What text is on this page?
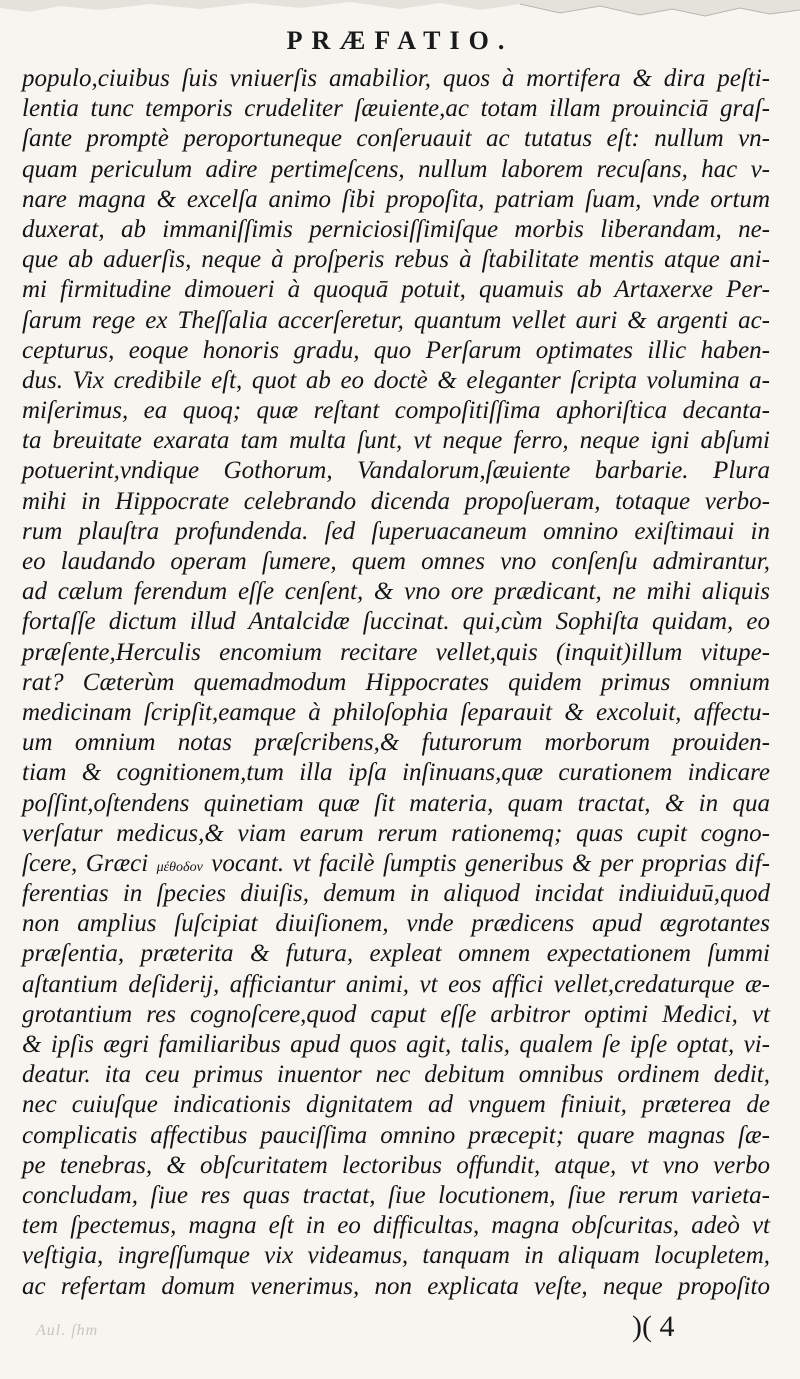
PRÆFATIO.
populo,ciuibus ſuis vniuerſis amabilior, quos à mortifera & dira peſti-
lentia tunc temporis crudeliter ſæuiente,ac totam illam prouinciā graſ-
ſante promptè peroportuneque conſeruauit ac tutatus eſt: nullum vn-
quam periculum adire pertimeſcens, nullum laborem recuſans, hac v-
nare magna & excelſa animo ſibi propoſita, patriam ſuam, vnde ortum
duxerat, ab immaniſſimis perniciosiſſimiſque morbis liberandam, ne-
que ab aduerſis, neque à proſperis rebus à ſtabilitate mentis atque ani-
mi firmitudine dimoueri à quoquā potuit, quamuis ab Artaxerxe Per-
ſarum rege ex Theſſalia accerſeretur, quantum vellet auri & argenti ac-
cepturus, eoque honoris gradu, quo Perſarum optimates illic haben-
dus. Vix credibile eſt, quot ab eo doctè & eleganter ſcripta volumina a-
miſerimus, ea quoq; quæ reſtant compoſitiſſima aphoriſtica decanta-
ta breuitate exarata tam multa ſunt, vt neque ferro, neque igni abſumi
potuerint,vndique Gothorum, Vandalorum,ſæuiente barbarie. Plura
mihi in Hippocrate celebrando dicenda propoſueram, totaque verbo-
rum plauſtra profundenda. ſed ſuperuacaneum omnino exiſtimaui in
eo laudando operam ſumere, quem omnes vno conſenſu admirantur,
ad cælum ferendum eſſe cenſent, & vno ore prædicant, ne mihi aliquis
fortaſſe dictum illud Antalcidæ ſuccinat. qui,cùm Sophiſta quidam, eo
præſente,Herculis encomium recitare vellet,quis (inquit)illum vitupe-
rat? Cæterùm quemadmodum Hippocrates quidem primus omnium
medicinam ſcripſit,eamque à philoſophia ſeparauit & excoluit, affectu-
um omnium notas præſcribens,& futurorum morborum prouiden-
tiam & cognitionem,tum illa ipſa inſinuans,quæ curationem indicare
poſſint,oſtendens quinetiam quæ ſit materia, quam tractat, & in qua
verſatur medicus,& viam earum rerum rationemq; quas cupit cogno-
ſcere, Græci μέθοδον vocant. vt facilè ſumptis generibus & per proprias dif-
ferentias in ſpecies diuiſis, demum in aliquod incidat indiuiduū,quod
non amplius ſuſcipiat diuiſionem, vnde prædicens apud ægrotantes
præſentia, præterita & futura, expleat omnem expectationem ſummi
aſtantium deſiderij, afficiantur animi, vt eos affici vellet,credaturque æ-
grotantium res cognoſcere,quod caput eſſe arbitror optimi Medici, vt
& ipſis ægri familiaribus apud quos agit, talis, qualem ſe ipſe optat, vi-
deatur. ita ceu primus inuentor nec debitum omnibus ordinem dedit,
nec cuiuſque indicationis dignitatem ad vnguem finiuit, præterea de
complicatis affectibus pauciſſima omnino præcepit; quare magnas ſæ-
pe tenebras, & obſcuritatem lectoribus offundit, atque, vt vno verbo
concludam, ſiue res quas tractat, ſiue locutionem, ſiue rerum varieta-
tem ſpectemus, magna eſt in eo difficultas, magna obſcuritas, adeò vt
veſtigia, ingreſſumque vix videamus, tanquam in aliquam locupletem,
ac refertam domum venerimus, non explicata veſte, neque propoſito
Aul. ſhm	)( 4
